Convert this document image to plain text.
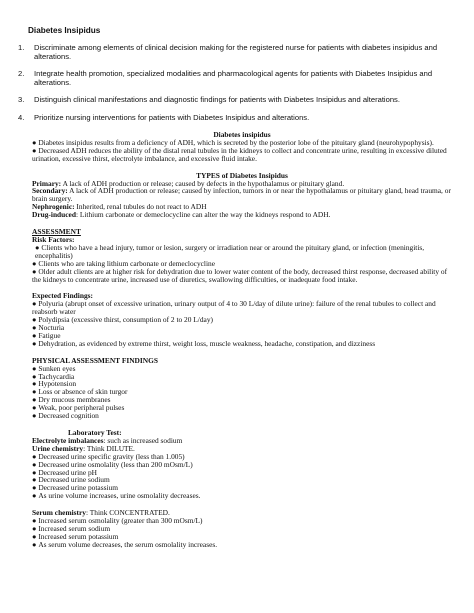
Diabetes Insipidus
1.	Discriminate among elements of clinical decision making for the registered nurse for patients with diabetes insipidus and alterations.
2.	Integrate health promotion, specialized modalities and pharmacological agents for patients with Diabetes Insipidus and alterations.
3.	Distinguish clinical manifestations and diagnostic findings for patients with Diabetes Insipidus and alterations.
4.	Prioritize nursing interventions for patients with Diabetes Insipidus and alterations.
Diabetes insipidus

● Diabetes insipidus results from a deficiency of ADH, which is secreted by the posterior lobe of the pituitary gland (neurohypophysis).

● Decreased ADH reduces the ability of the distal renal tubules in the kidneys to collect and concentrate urine, resulting in excessive diluted urination, excessive thirst, electrolyte imbalance, and excessive fluid intake.

TYPES of Diabetes Insipidus

Primary: A lack of ADH production or release; caused by defects in the hypothalamus or pituitary gland.

Secondary: A lack of ADH production or release; caused by infection, tumors in or near the hypothalamus or pituitary gland, head trauma, or brain surgery.

Nephrogenic: Inherited, renal tubules do not react to ADH

Drug-induced: Lithium carbonate or demeclocycline can alter the way the kidneys respond to ADH.

ASSESSMENT
Risk Factors:

● Clients who have a head injury, tumor or lesion, surgery or irradiation near or around the pituitary gland, or infection (meningitis, encephalitis)

● Clients who are taking lithium carbonate or demeclocycline

● Older adult clients are at higher risk for dehydration due to lower water content of the body, decreased thirst response, decreased ability of the kidneys to concentrate urine, increased use of diuretics, swallowing difficulties, or inadequate food intake.

Expected Findings:

● Polyuria (abrupt onset of excessive urination, urinary output of 4 to 30 L/day of dilute urine): failure of the renal tubules to collect and reabsorb water

● Polydipsia (excessive thirst, consumption of 2 to 20 L/day)

● Nocturia

● Fatigue

● Dehydration, as evidenced by extreme thirst, weight loss, muscle weakness, headache, constipation, and dizziness

PHYSICAL ASSESSMENT FINDINGS

● Sunken eyes

● Tachycardia

● Hypotension

● Loss or absence of skin turgor

● Dry mucous membranes

● Weak, poor peripheral pulses

● Decreased cognition

Laboratory Test:

Electrolyte imbalances: such as increased sodium

Urine chemistry: Think DILUTE.

● Decreased urine specific gravity (less than 1.005)

● Decreased urine osmolality (less than 200 mOsm/L)

● Decreased urine pH

● Decreased urine sodium

● Decreased urine potassium

● As urine volume increases, urine osmolality decreases.

Serum chemistry: Think CONCENTRATED.

● Increased serum osmolality (greater than 300 mOsm/L)

● Increased serum sodium

● Increased serum potassium

● As serum volume decreases, the serum osmolality increases.
